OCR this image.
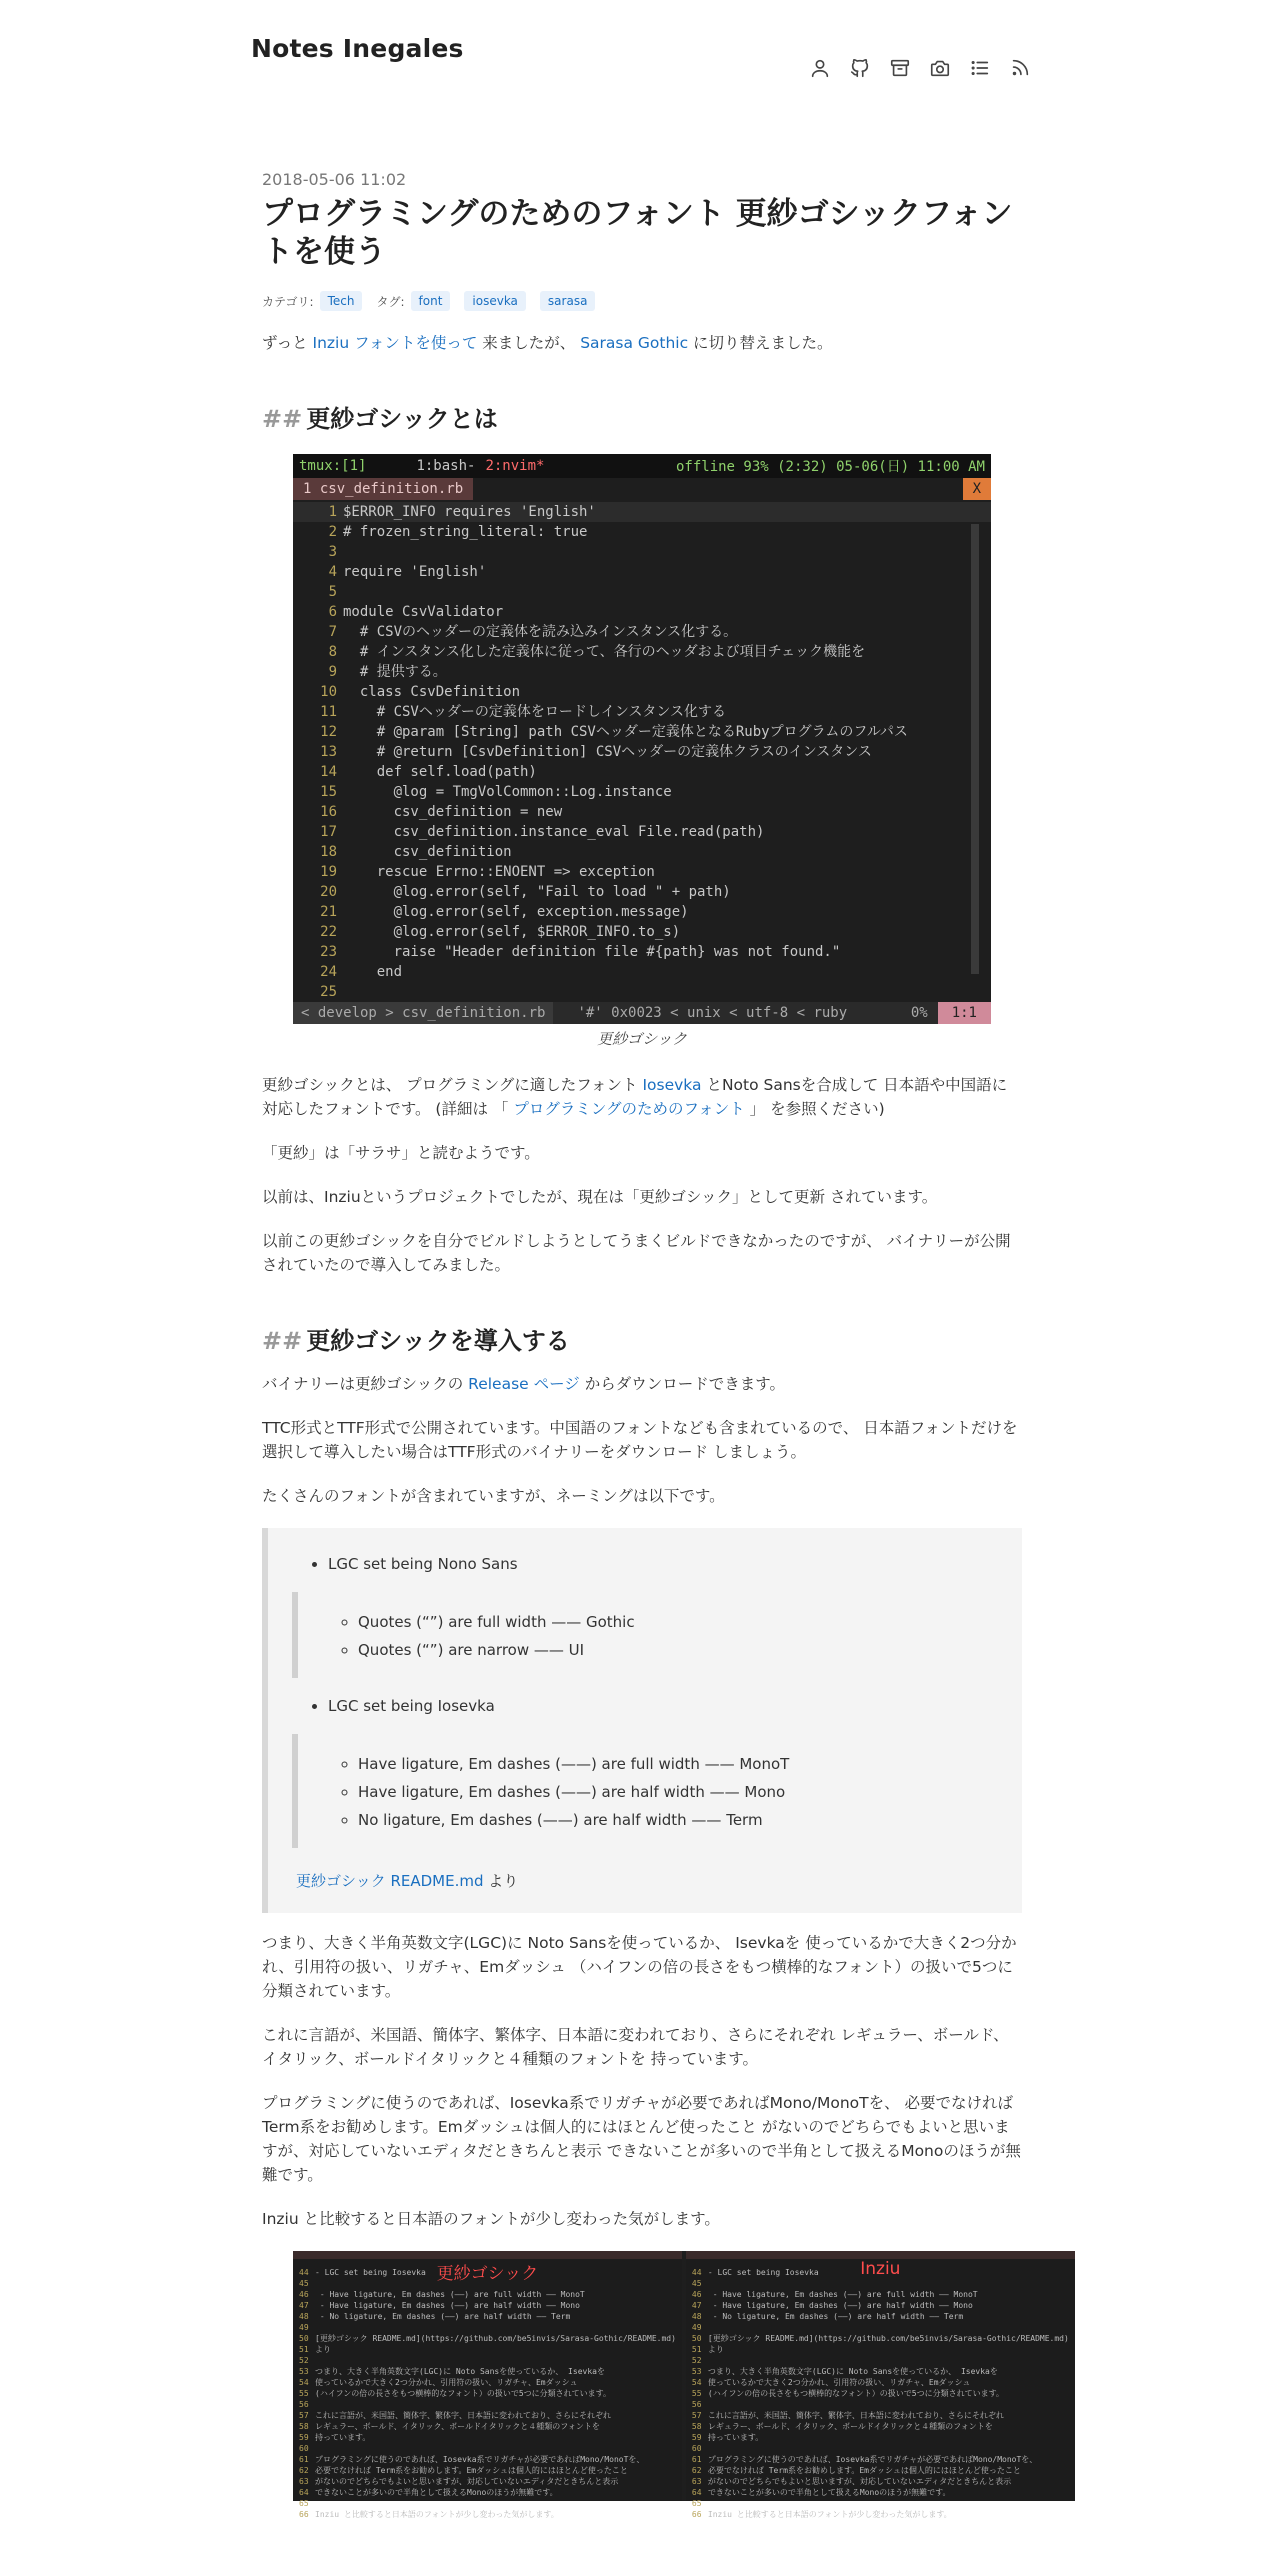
Notes Inegales
2018-05-06 11:02
プログラミングのためのフォント 更紗ゴシックフォントを使う
カテゴリ:	Tech	タグ:	font	iosevka	sarasa

ずっと Inziu フォントを使って 来ましたが、 Sarasa Gothic に切り替えました。

## 更紗ゴシックとは
tmux:[1]	1:bash- 2:nvim*	offline 93% (2:32) 05-06(日) 11:00 AM
1 csv_definition.rb	X
1 $ERROR_INFO requires 'English'
2 # frozen_string_literal: true
3
4 require 'English'
5
6 module CsvValidator
7 # CSVのヘッダーの定義体を読み込みインスタンス化する。
8 # インスタンス化した定義体に従って、各行のヘッダおよび項目チェック機能を
9 # 提供する。
10 class CsvDefinition
11 # CSVヘッダーの定義体をロードしインスタンス化する
12 # @param [String] path CSVヘッダー定義体となるRubyプログラムのフルパス
13 # @return [CsvDefinition] CSVヘッダーの定義体クラスのインスタンス
14 def self.load(path)
15 @log = TmgVolCommon::Log.instance
16 csv_definition = new
17 csv_definition.instance_eval File.read(path)
18 csv_definition
19 rescue Errno::ENOENT => exception
20 @log.error(self, "Fail to load " + path)
21 @log.error(self, exception.message)
22 @log.error(self, $ERROR_INFO.to_s)
23 raise "Header definition file #{path} was not found."
24 end
25
< develop > csv_definition.rb	'#' 0x0023 < unix < utf-8 < ruby	0%	1:1
更紗ゴシック

更紗ゴシックとは、 プログラミングに適したフォント Iosevka とNoto Sansを合成して 日本語や中国語に対応したフォントです。 (詳細は 「 プログラミングのためのフォント 」 を参照ください)

「更紗」は「サラサ」と読むようです。

以前は、Inziuというプロジェクトでしたが、現在は「更紗ゴシック」として更新 されています。

以前この更紗ゴシックを自分でビルドしようとしてうまくビルドできなかったのですが、 バイナリーが公開されていたので導入してみました。

## 更紗ゴシックを導入する

バイナリーは更紗ゴシックの Release ページ からダウンロードできます。

TTC形式とTTF形式で公開されています。中国語のフォントなども含まれているので、 日本語フォントだけを選択して導入したい場合はTTF形式のバイナリーをダウンロード しましょう。

たくさんのフォントが含まれていますが、ネーミングは以下です。

• LGC set being Nono Sans
◦ Quotes (“”) are full width —— Gothic
◦ Quotes (“”) are narrow —— UI
• LGC set being Iosevka
◦ Have ligature, Em dashes (——) are full width —— MonoT
◦ Have ligature, Em dashes (——) are half width —— Mono
◦ No ligature, Em dashes (——) are half width —— Term
更紗ゴシック README.md より

つまり、大きく半角英数文字(LGC)に Noto Sansを使っているか、 Isevkaを 使っているかで大きく2つ分かれ、引用符の扱い、リガチャ、Emダッシュ （ハイフンの倍の長さをもつ横棒的なフォント）の扱いで5つに分類されています。

これに言語が、米国語、簡体字、繁体字、日本語に変われており、さらにそれぞれ レギュラー、ボールド、イタリック、ボールドイタリックと４種類のフォントを 持っています。

プログラミングに使うのであれば、Iosevka系でリガチャが必要であればMono/MonoTを、 必要でなければ Term系をお勧めします。Emダッシュは個人的にはほとんど使ったこと がないのでどちらでもよいと思いますが、対応していないエディタだときちんと表示 できないことが多いので半角として扱えるMonoのほうが無難です。

Inziu と比較すると日本語のフォントが少し変わった気がします。

更紗ゴシック
44 - LGC set being Iosevka
45
46 - Have ligature, Em dashes (——) are full width —— MonoT
47 - Have ligature, Em dashes (——) are half width —— Mono
48 - No ligature, Em dashes (——) are half width —— Term
49
50 [更紗ゴシック README.md](https://github.com/be5invis/Sarasa-Gothic/README.md)
51 より
52
53 つまり、大きく半角英数文字(LGC)に Noto Sansを使っているか、 Isevkaを
54 使っているかで大きく2つ分かれ、引用符の扱い、リガチャ、Emダッシュ
55 (ハイフンの倍の長さをもつ横棒的なフォント）の扱いで5つに分類されています。
56
57 これに言語が、米国語、簡体字、繁体字、日本語に変われており、さらにそれぞれ
58 レギュラー、ボールド、イタリック、ボールドイタリックと４種類のフォントを
59 持っています。
60
61 プログラミングに使うのであれば、Iosevka系でリガチャが必要であればMono/MonoTを、
62 必要でなければ Term系をお勧めします。Emダッシュは個人的にはほとんど使ったこと
63 がないのでどちらでもよいと思いますが、対応していないエディタだときちんと表示
64 できないことが多いので半角として扱えるMonoのほうが無難です。
65
66 Inziu と比較すると日本語のフォントが少し変わった気がします。
Inziu
44 - LGC set being Iosevka
45
46 - Have ligature, Em dashes (——) are full width —— MonoT
47 - Have ligature, Em dashes (——) are half width —— Mono
48 - No ligature, Em dashes (——) are half width —— Term
49
50 [更紗ゴシック README.md](https://github.com/be5invis/Sarasa-Gothic/README.md)
51 より
52
53 つまり、大きく半角英数文字(LGC)に Noto Sansを使っているか、 Isevkaを
54 使っているかで大きく2つ分かれ、引用符の扱い、リガチャ、Emダッシュ
55 (ハイフンの倍の長さをもつ横棒的なフォント）の扱いで5つに分類されています。
56
57 これに言語が、米国語、簡体字、繁体字、日本語に変われており、さらにそれぞれ
58 レギュラー、ボールド、イタリック、ボールドイタリックと４種類のフォントを
59 持っています。
60
61 プログラミングに使うのであれば、Iosevka系でリガチャが必要であればMono/MonoTを、
62 必要でなければ Term系をお勧めします。Emダッシュは個人的にはほとんど使ったこと
63 がないのでどちらでもよいと思いますが、対応していないエディタだときちんと表示
64 できないことが多いので半角として扱えるMonoのほうが無難です。
65
66 Inziu と比較すると日本語のフォントが少し変わった気がします。
